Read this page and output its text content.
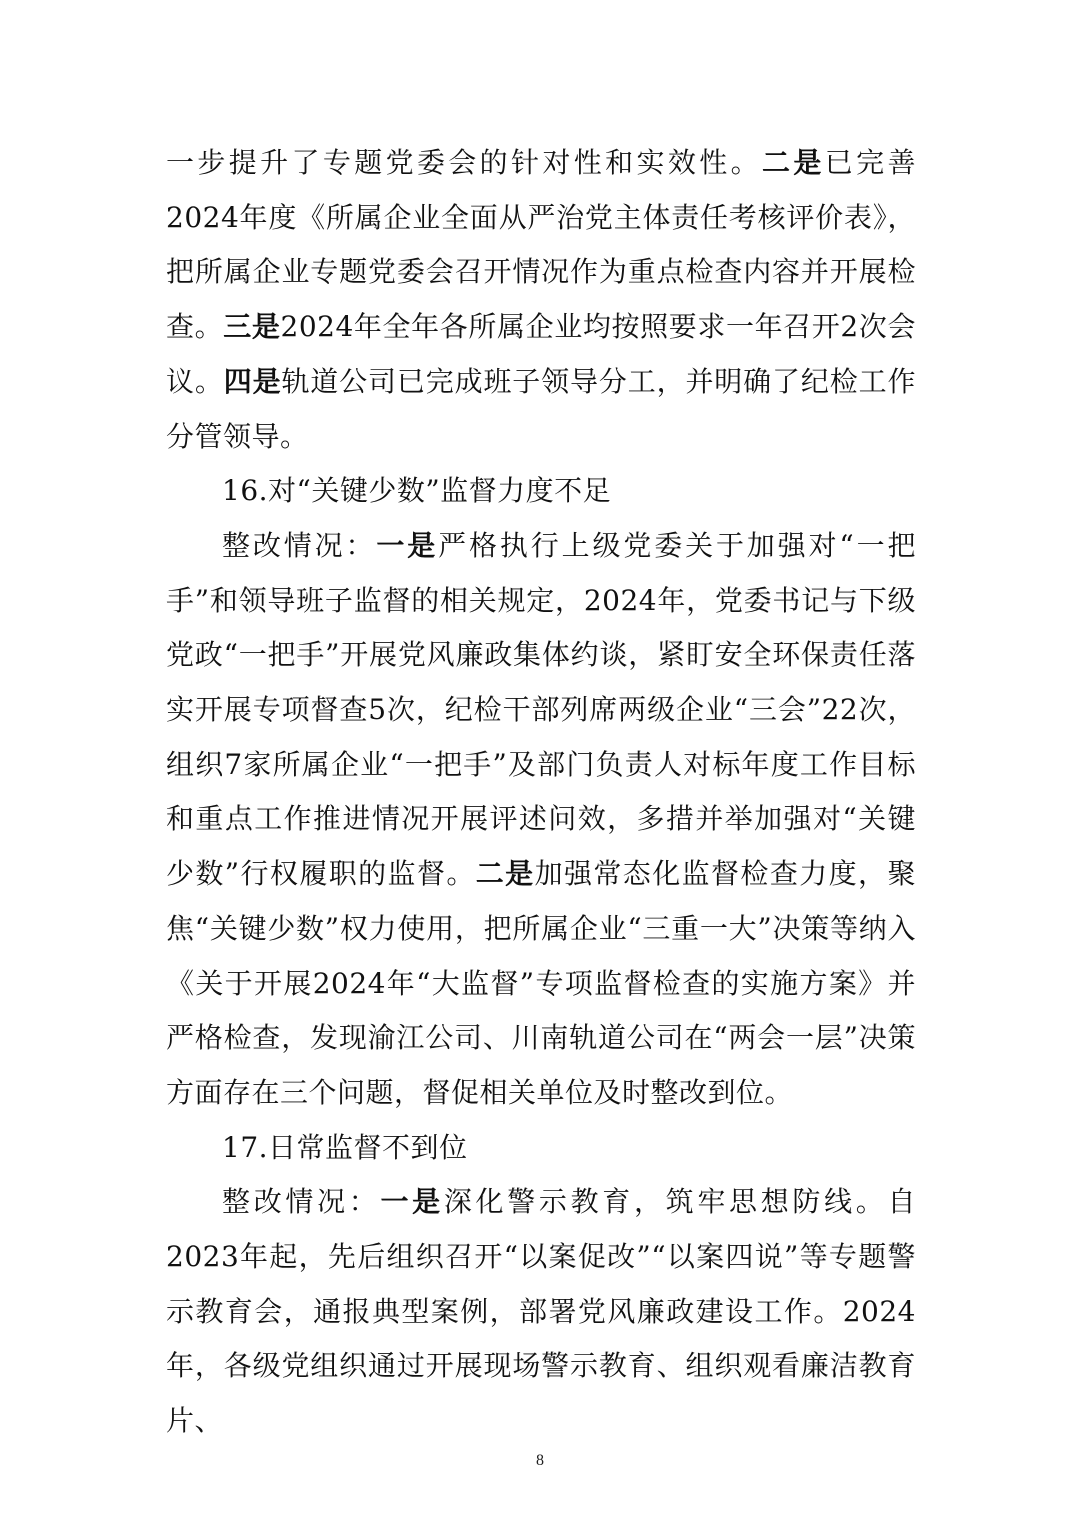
一步提升了专题党委会的针对性和实效性。二是已完善2024年度《所属企业全面从严治党主体责任考核评价表》，把所属企业专题党委会召开情况作为重点检查内容并开展检查。三是2024年全年各所属企业均按照要求一年召开2次会议。四是轨道公司已完成班子领导分工，并明确了纪检工作分管领导。

16.对“关键少数”监督力度不足

整改情况：一是严格执行上级党委关于加强对“一把手”和领导班子监督的相关规定，2024年，党委书记与下级党政“一把手”开展党风廉政集体约谈，紧盯安全环保责任落实开展专项督查5次，纪检干部列席两级企业“三会”22次，组织7家所属企业“一把手”及部门负责人对标年度工作目标和重点工作推进情况开展评述问效，多措并举加强对“关键少数”行权履职的监督。二是加强常态化监督检查力度，聚焦“关键少数”权力使用，把所属企业“三重一大”决策等纳入《关于开展2024年“大监督”专项监督检查的实施方案》并严格检查，发现渝江公司、川南轨道公司在“两会一层”决策方面存在三个问题，督促相关单位及时整改到位。

17.日常监督不到位

整改情况：一是深化警示教育，筑牢思想防线。自2023年起，先后组织召开“以案促改”“以案四说”等专题警示教育会，通报典型案例，部署党风廉政建设工作。2024年，各级党组织通过开展现场警示教育、组织观看廉洁教育片、

8
